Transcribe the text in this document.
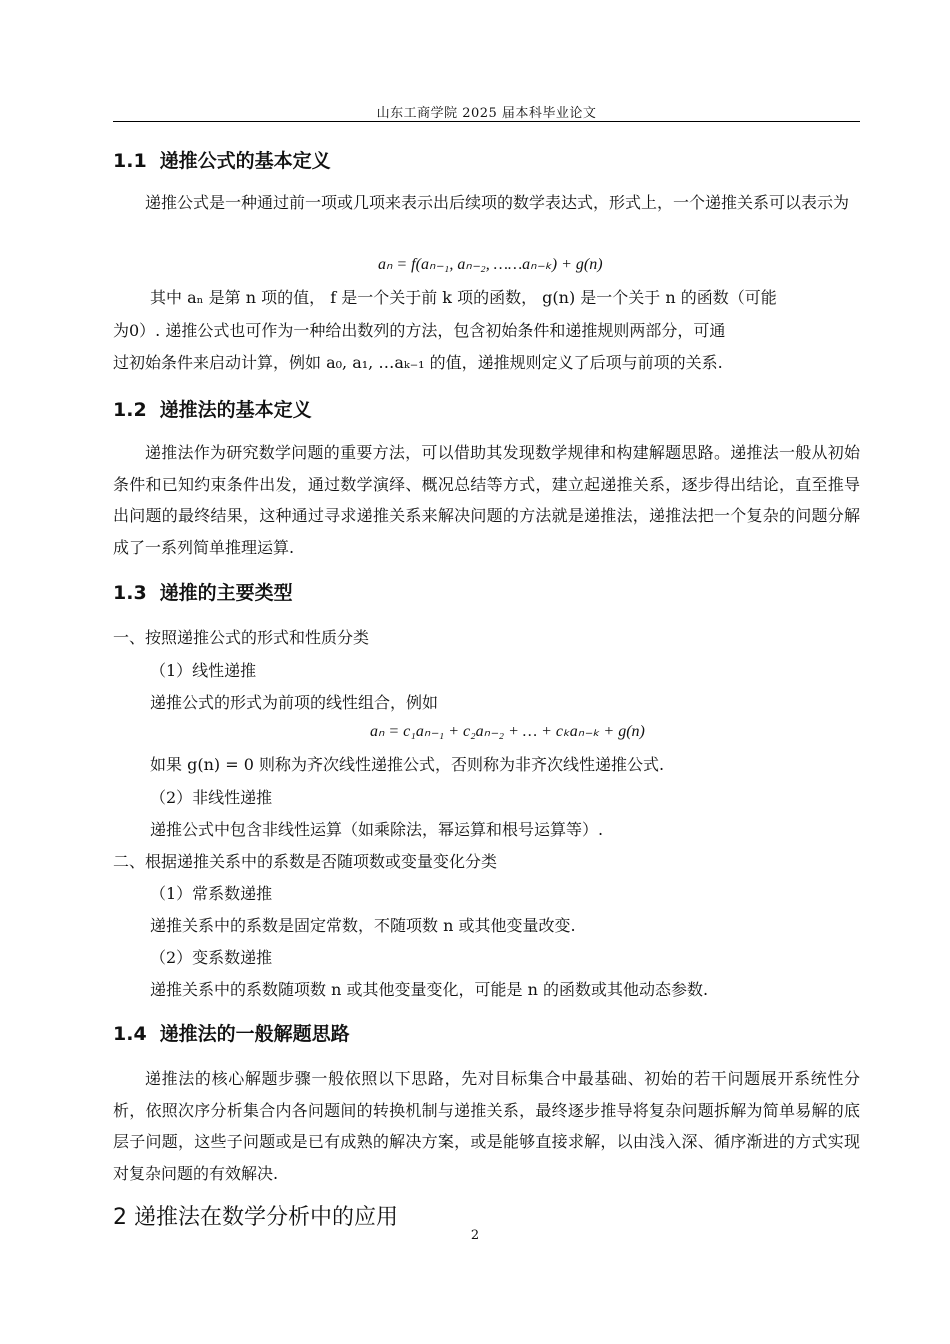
山东工商学院 2025 届本科毕业论文
1.1 递推公式的基本定义
递推公式是一种通过前一项或几项来表示出后续项的数学表达式，形式上，一个递推关系可以表示为
aₙ = f(aₙ₋₁, aₙ₋₂, ……aₙ₋ₖ) + g(n)
其中 aₙ 是第 n 项的值， f 是一个关于前 k 项的函数， g(n) 是一个关于 n 的函数（可能
为0）. 递推公式也可作为一种给出数列的方法，包含初始条件和递推规则两部分，可通
过初始条件来启动计算，例如 a₀, a₁, …aₖ₋₁ 的值，递推规则定义了后项与前项的关系.
1.2 递推法的基本定义
递推法作为研究数学问题的重要方法，可以借助其发现数学规律和构建解题思路。递推法一般从初始条件和已知约束条件出发，通过数学演绎、概况总结等方式，建立起递推关系，逐步得出结论，直至推导出问题的最终结果，这种通过寻求递推关系来解决问题的方法就是递推法，递推法把一个复杂的问题分解成了一系列简单推理运算.
1.3 递推的主要类型
一、按照递推公式的形式和性质分类
（1）线性递推
递推公式的形式为前项的线性组合，例如
aₙ = c₁aₙ₋₁ + c₂aₙ₋₂ + … + cₖaₙ₋ₖ + g(n)
如果 g(n) = 0 则称为齐次线性递推公式，否则称为非齐次线性递推公式.
（2）非线性递推
递推公式中包含非线性运算（如乘除法，幂运算和根号运算等）.
二、根据递推关系中的系数是否随项数或变量变化分类
（1）常系数递推
递推关系中的系数是固定常数，不随项数 n 或其他变量改变.
（2）变系数递推
递推关系中的系数随项数 n 或其他变量变化，可能是 n 的函数或其他动态参数.
1.4 递推法的一般解题思路
递推法的核心解题步骤一般依照以下思路，先对目标集合中最基础、初始的若干问题展开系统性分析，依照次序分析集合内各问题间的转换机制与递推关系，最终逐步推导将复杂问题拆解为简单易解的底层子问题，这些子问题或是已有成熟的解决方案，或是能够直接求解，以由浅入深、循序渐进的方式实现对复杂问题的有效解决.
2 递推法在数学分析中的应用
2
